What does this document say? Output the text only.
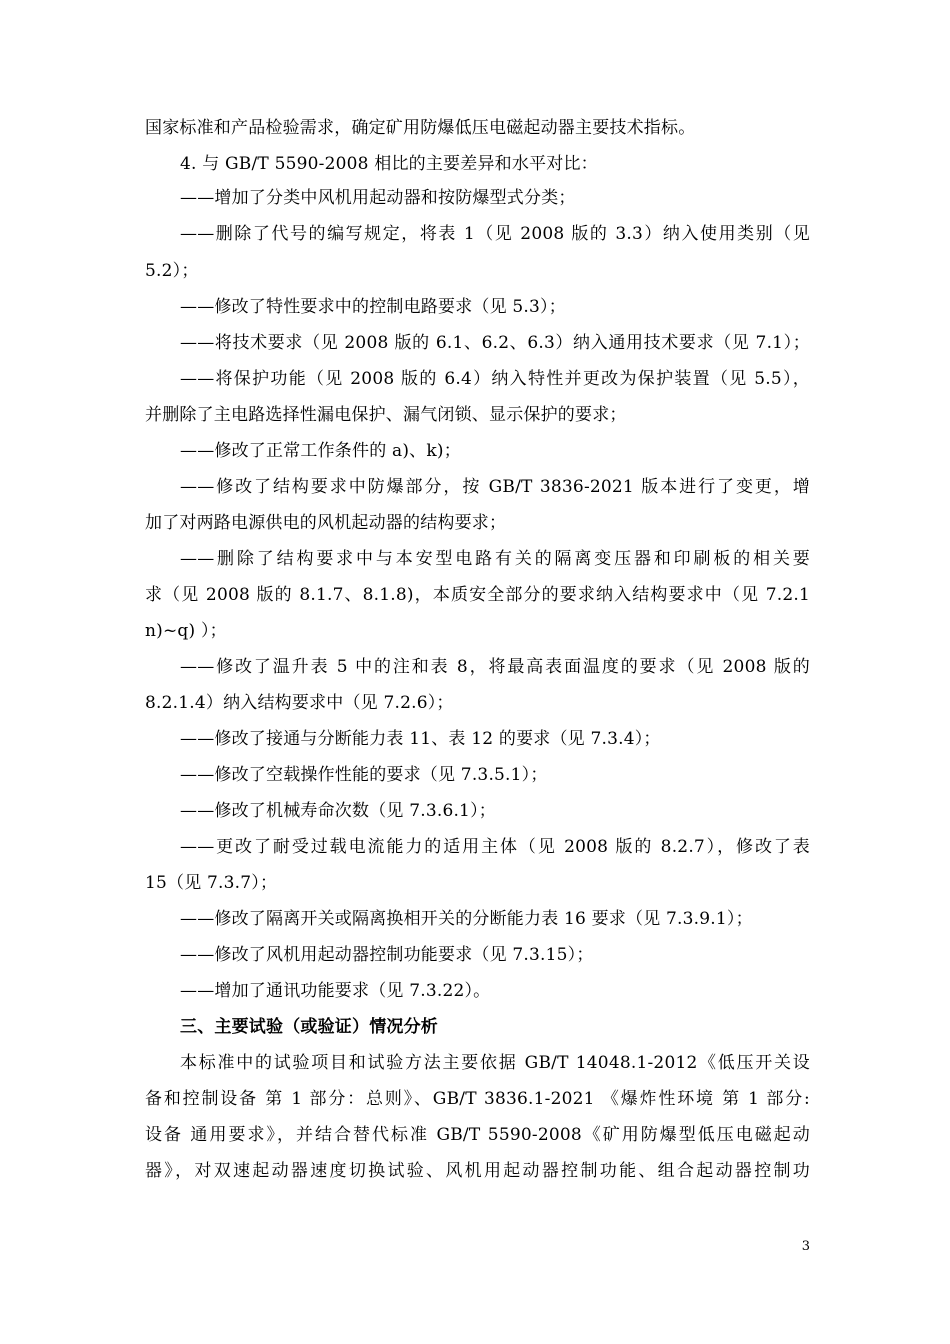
国家标准和产品检验需求，确定矿用防爆低压电磁起动器主要技术指标。
4. 与 GB/T 5590-2008 相比的主要差异和水平对比：
——增加了分类中风机用起动器和按防爆型式分类；
——删除了代号的编写规定，将表 1（见 2008 版的 3.3）纳入使用类别（见
5.2）；
——修改了特性要求中的控制电路要求（见 5.3）；
——将技术要求（见 2008 版的 6.1、6.2、6.3）纳入通用技术要求（见 7.1）；
——将保护功能（见 2008 版的 6.4）纳入特性并更改为保护装置（见 5.5），
并删除了主电路选择性漏电保护、漏气闭锁、显示保护的要求；
——修改了正常工作条件的 a)、k)；
——修改了结构要求中防爆部分，按 GB/T 3836-2021 版本进行了变更，增
加了对两路电源供电的风机起动器的结构要求；
——删除了结构要求中与本安型电路有关的隔离变压器和印刷板的相关要
求（见 2008 版的 8.1.7、8.1.8)，本质安全部分的要求纳入结构要求中（见 7.2.1
n)~q) ）；
——修改了温升表 5 中的注和表 8，将最高表面温度的要求（见 2008 版的
8.2.1.4）纳入结构要求中（见 7.2.6）；
——修改了接通与分断能力表 11、表 12 的要求（见 7.3.4）；
——修改了空载操作性能的要求（见 7.3.5.1）；
——修改了机械寿命次数（见 7.3.6.1）；
——更改了耐受过载电流能力的适用主体（见 2008 版的 8.2.7），修改了表
15（见 7.3.7）；
——修改了隔离开关或隔离换相开关的分断能力表 16 要求（见 7.3.9.1）；
——修改了风机用起动器控制功能要求（见 7.3.15）；
——增加了通讯功能要求（见 7.3.22）。
三、主要试验（或验证）情况分析
本标准中的试验项目和试验方法主要依据 GB/T 14048.1-2012《低压开关设
备和控制设备 第 1 部分：总则》、GB/T 3836.1-2021 《爆炸性环境 第 1 部分:
设备 通用要求》，并结合替代标准 GB/T 5590-2008《矿用防爆型低压电磁起动
器》，对双速起动器速度切换试验、风机用起动器控制功能、组合起动器控制功
3
